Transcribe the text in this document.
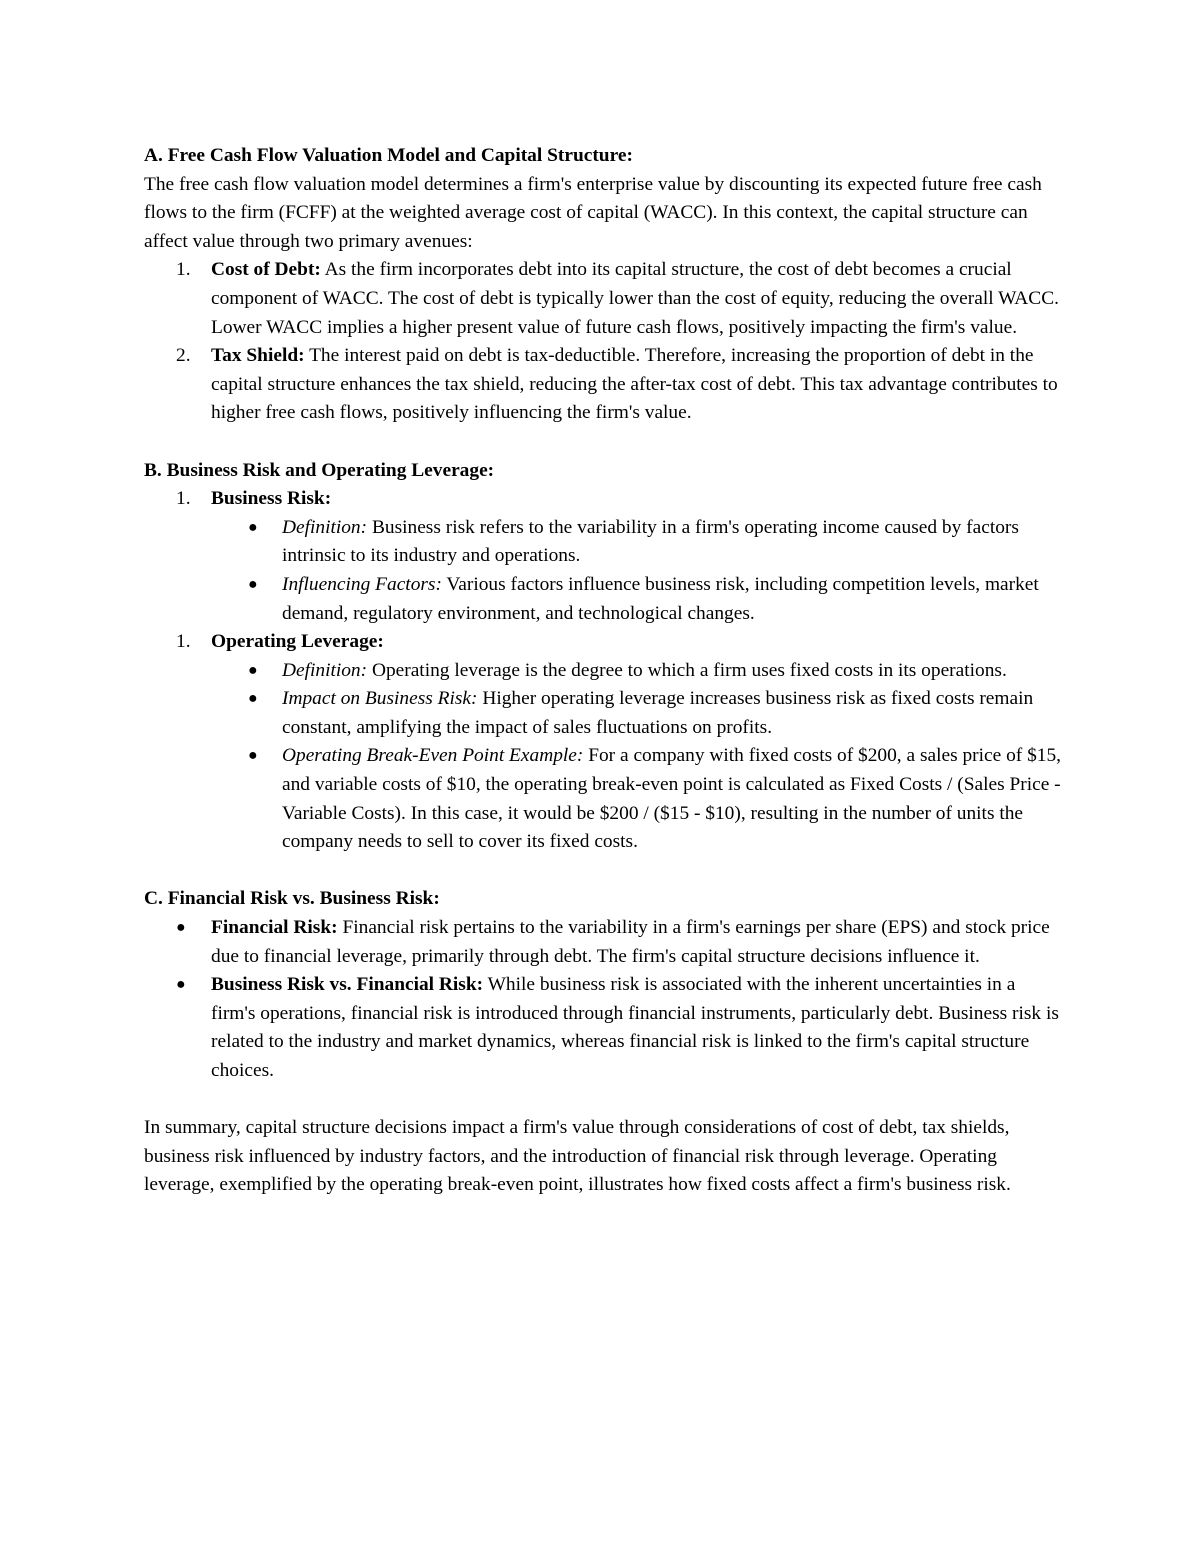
A. Free Cash Flow Valuation Model and Capital Structure:

The free cash flow valuation model determines a firm's enterprise value by discounting its expected future free cash flows to the firm (FCFF) at the weighted average cost of capital (WACC). In this context, the capital structure can affect value through two primary avenues:

1.	Cost of Debt: As the firm incorporates debt into its capital structure, the cost of debt becomes a crucial component of WACC. The cost of debt is typically lower than the cost of equity, reducing the overall WACC. Lower WACC implies a higher present value of future cash flows, positively impacting the firm's value.

2.	Tax Shield: The interest paid on debt is tax-deductible. Therefore, increasing the proportion of debt in the capital structure enhances the tax shield, reducing the after-tax cost of debt. This tax advantage contributes to higher free cash flows, positively influencing the firm's value.

B. Business Risk and Operating Leverage:

1.	Business Risk:

●	Definition: Business risk refers to the variability in a firm's operating income caused by factors intrinsic to its industry and operations.

●	Influencing Factors: Various factors influence business risk, including competition levels, market demand, regulatory environment, and technological changes.

1.	Operating Leverage:

●	Definition: Operating leverage is the degree to which a firm uses fixed costs in its operations.

●	Impact on Business Risk: Higher operating leverage increases business risk as fixed costs remain constant, amplifying the impact of sales fluctuations on profits.

●	Operating Break-Even Point Example: For a company with fixed costs of $200, a sales price of $15, and variable costs of $10, the operating break-even point is calculated as Fixed Costs / (Sales Price - Variable Costs). In this case, it would be $200 / ($15 - $10), resulting in the number of units the company needs to sell to cover its fixed costs.

C. Financial Risk vs. Business Risk:

●	Financial Risk: Financial risk pertains to the variability in a firm's earnings per share (EPS) and stock price due to financial leverage, primarily through debt. The firm's capital structure decisions influence it.

●	Business Risk vs. Financial Risk: While business risk is associated with the inherent uncertainties in a firm's operations, financial risk is introduced through financial instruments, particularly debt. Business risk is related to the industry and market dynamics, whereas financial risk is linked to the firm's capital structure choices.

In summary, capital structure decisions impact a firm's value through considerations of cost of debt, tax shields, business risk influenced by industry factors, and the introduction of financial risk through leverage. Operating leverage, exemplified by the operating break-even point, illustrates how fixed costs affect a firm's business risk.
